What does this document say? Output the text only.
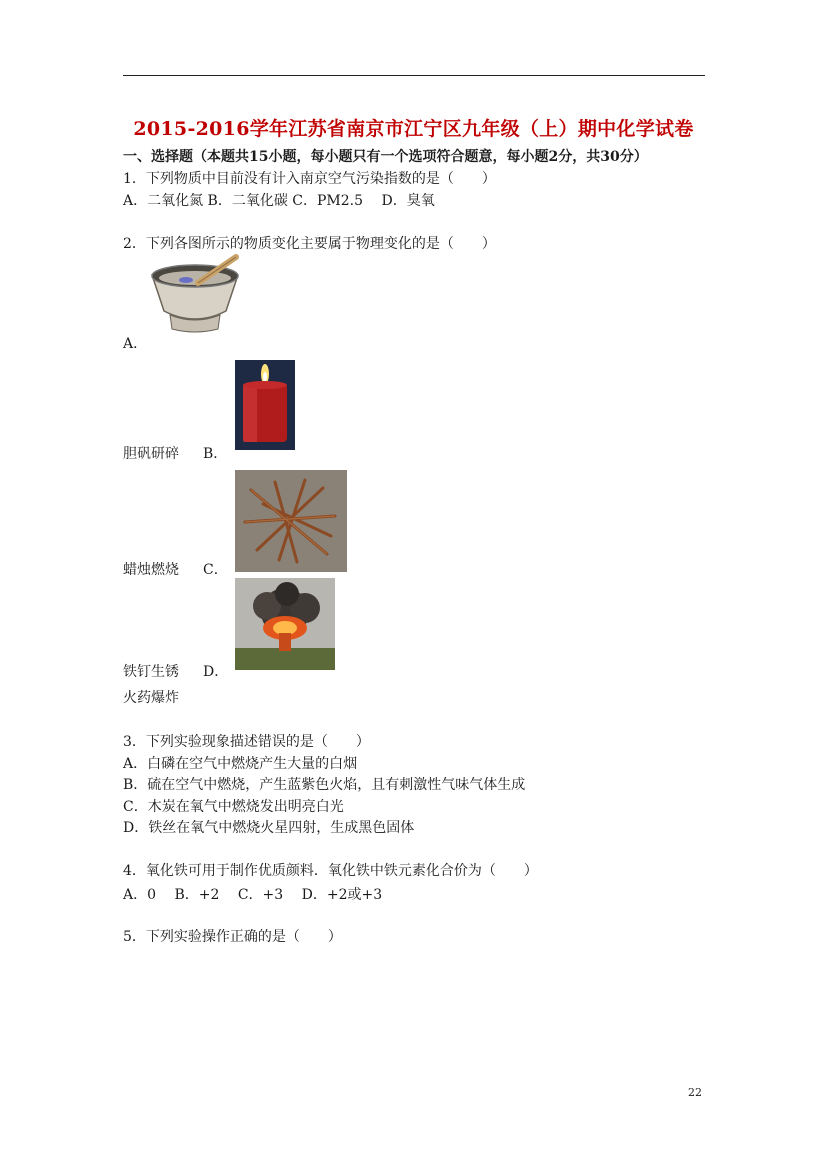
2015-2016学年江苏省南京市江宁区九年级（上）期中化学试卷
一、选择题（本题共15小题，每小题只有一个选项符合题意，每小题2分，共30分）
1．下列物质中目前没有计入南京空气污染指数的是（　　）
A．二氧化氮 B．二氧化碳 C．PM2.5　 D．臭氧
2．下列各图所示的物质变化主要属于物理变化的是（　　）
A．
胆矾研碎 B．
蜡烛燃烧 C．
铁钉生锈 D．
火药爆炸
3．下列实验现象描述错误的是（　　）
A．白磷在空气中燃烧产生大量的白烟
B．硫在空气中燃烧，产生蓝紫色火焰，且有刺激性气味气体生成
C．木炭在氧气中燃烧发出明亮白光
D．铁丝在氧气中燃烧火星四射，生成黑色固体
4．氧化铁可用于制作优质颜料．氧化铁中铁元素化合价为（　　）
A．0　 B．+2　 C．+3　 D．+2或+3
5．下列实验操作正确的是（　　）
22
